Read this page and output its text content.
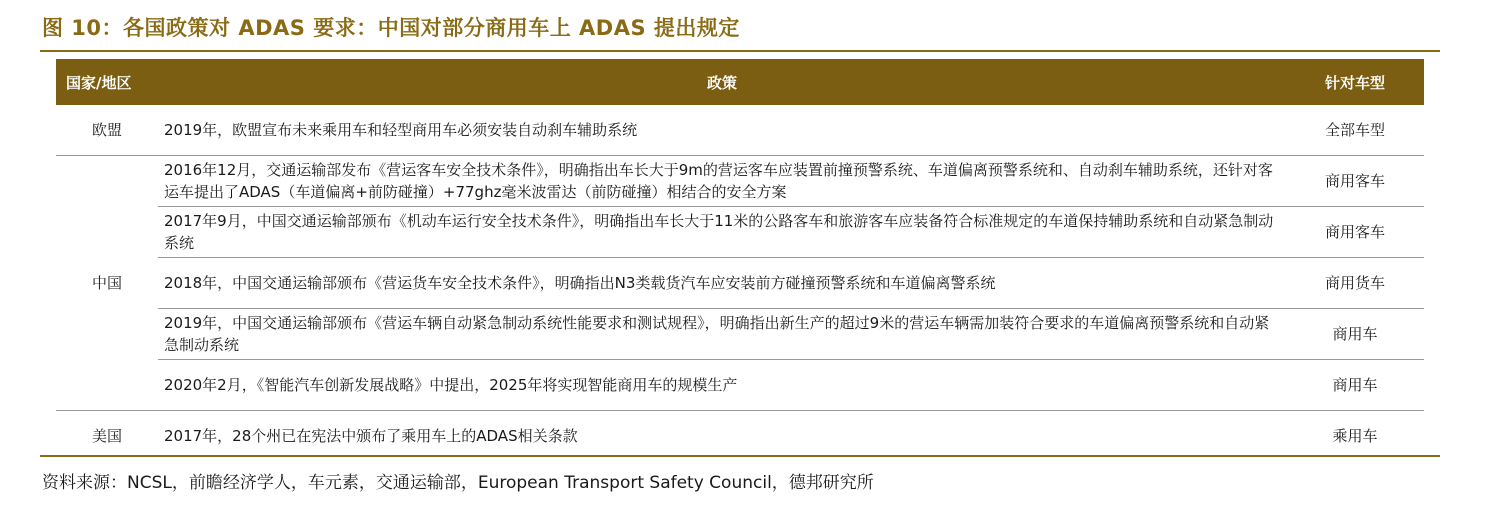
图 10：各国政策对 ADAS 要求：中国对部分商用车上 ADAS 提出规定
国家/地区	政策	针对车型
欧盟	2019年，欧盟宣布未来乘用车和轻型商用车必须安装自动刹车辅助系统	全部车型
中国	2016年12月，交通运输部发布《营运客车安全技术条件》，明确指出车长大于9m的营运客车应装置前撞预警系统、车道偏离预警系统和、自动刹车辅助系统，还针对客运车提出了ADAS（车道偏离+前防碰撞）+77ghz毫米波雷达（前防碰撞）相结合的安全方案	商用客车
	2017年9月，中国交通运输部颁布《机动车运行安全技术条件》，明确指出车长大于11米的公路客车和旅游客车应装备符合标准规定的车道保持辅助系统和自动紧急制动系统	商用客车
	2018年，中国交通运输部颁布《营运货车安全技术条件》，明确指出N3类载货汽车应安装前方碰撞预警系统和车道偏离警系统	商用货车
	2019年，中国交通运输部颁布《营运车辆自动紧急制动系统性能要求和测试规程》，明确指出新生产的超过9米的营运车辆需加装符合要求的车道偏离预警系统和自动紧急制动系统	商用车
	2020年2月，《智能汽车创新发展战略》中提出，2025年将实现智能商用车的规模生产	商用车
美国	2017年，28个州已在宪法中颁布了乘用车上的ADAS相关条款	乘用车
资料来源：NCSL，前瞻经济学人，车元素，交通运输部，European Transport Safety Council，德邦研究所
